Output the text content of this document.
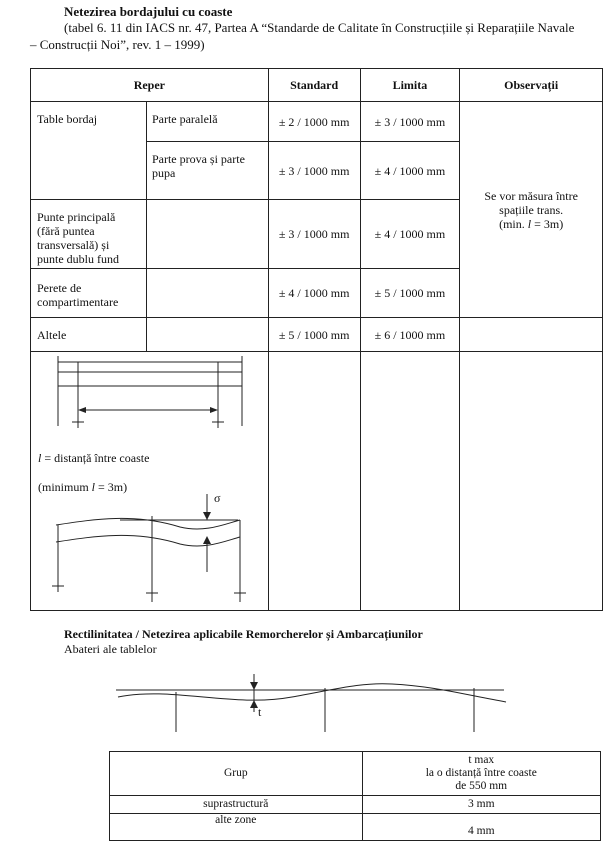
Netezirea bordajului cu coaste
(tabel 6. 11 din IACS nr. 47, Partea A “Standarde de Calitate în Construcțiile și Reparațiile Navale
– Construcții Noi”, rev. 1 – 1999)
Reper		Standard	Limita	Observații
Table bordaj	Parte paralelă	± 2 / 1000 mm	± 3 / 1000 mm	Se vor măsura între spațiile trans.
(min. l = 3m)

	Parte prova și parte pupa	± 3 / 1000 mm	± 4 / 1000 mm	
Punte principală (fără puntea transversală) și punte dublu fund		± 3 / 1000 mm	± 4 / 1000 mm	
Perete de compartimentare		± 4 / 1000 mm	± 5 / 1000 mm	
Altele		± 5 / 1000 mm	± 6 / 1000 mm	

l = distanță între coaste
(minimum l = 3m)
σ
Rectilinitatea / Netezirea aplicabile Remorcherelor și Ambarcațiunilor
Abateri ale tablelor
t
Grup	t max
la o distanță între coaste
de 550 mm

suprastructură	3 mm
alte zone	4 mm
